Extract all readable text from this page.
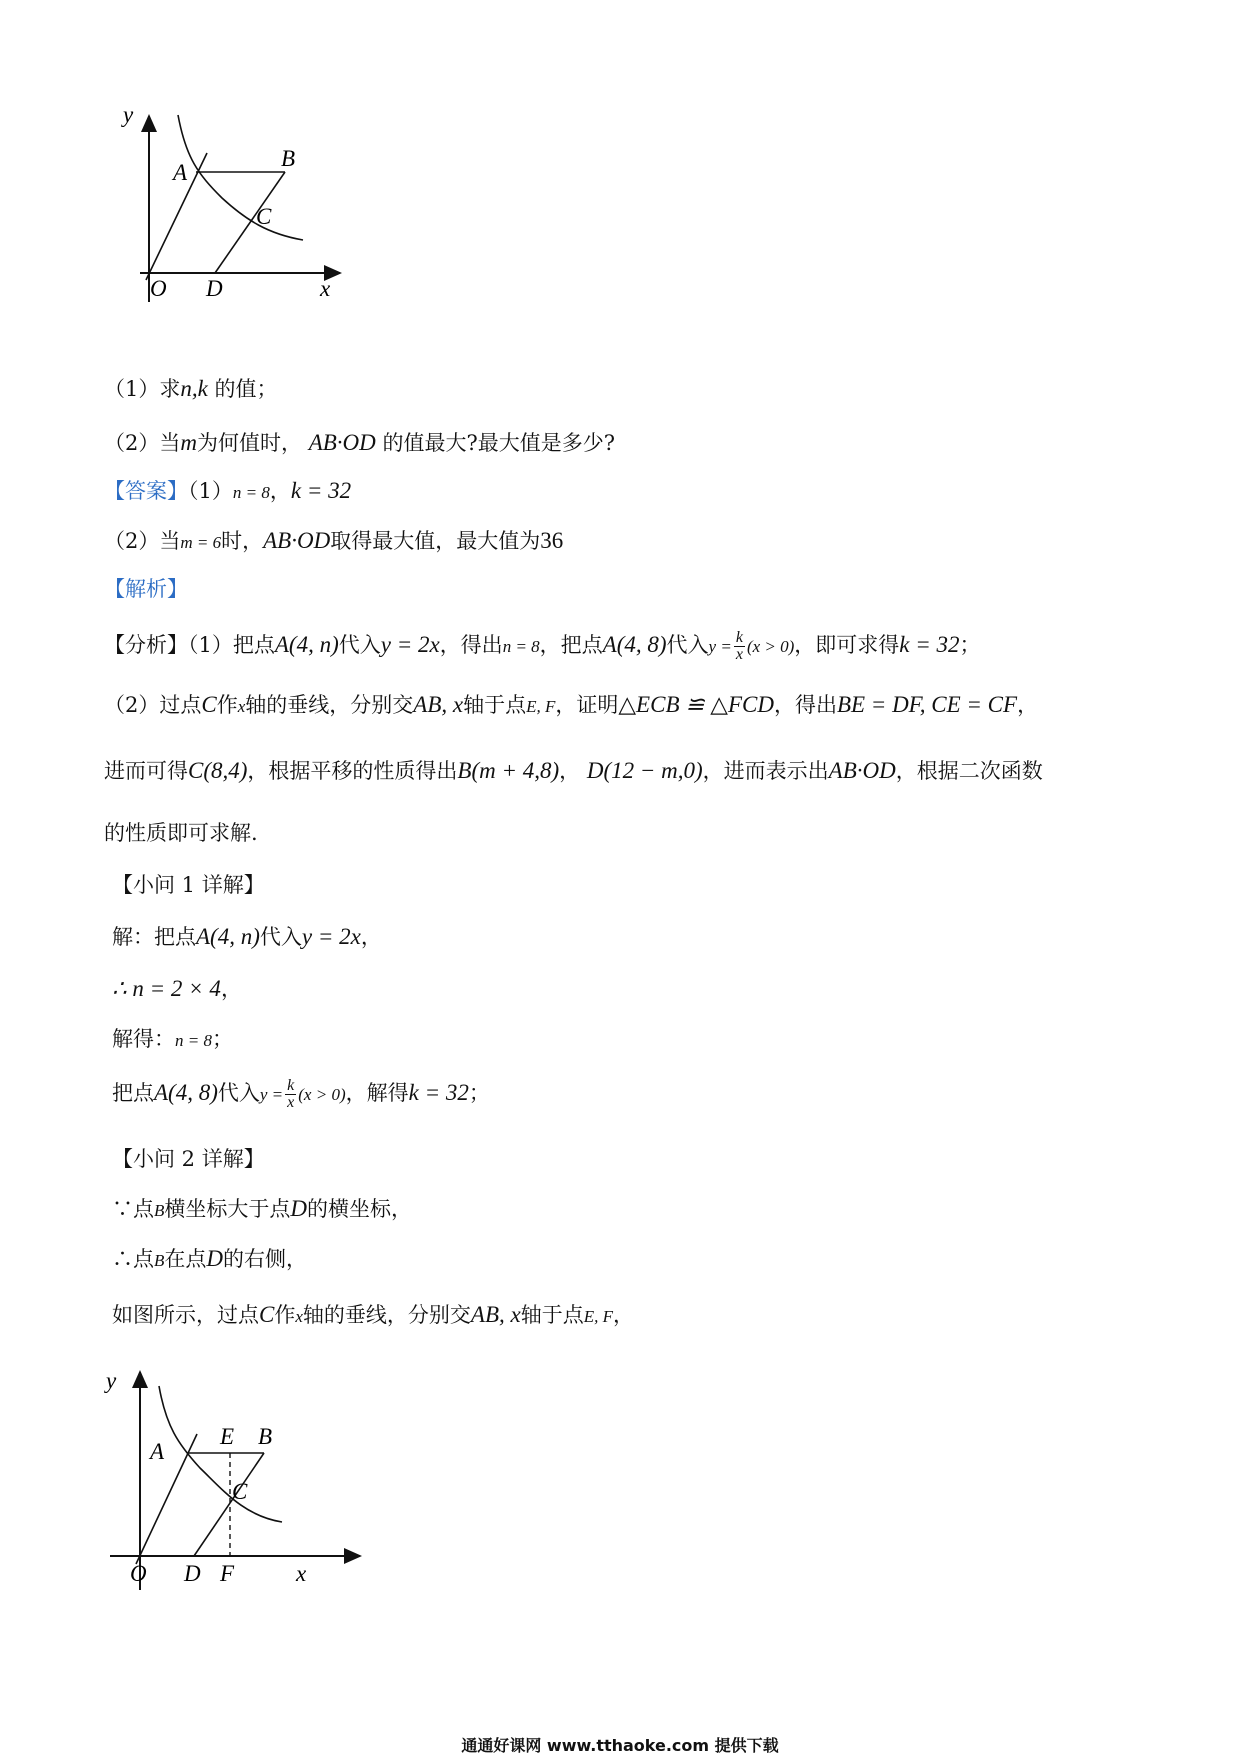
y
x
O D
A
B
C
（1）求n,k 的值；
（2）当m为何值时， AB·OD 的值最大?最大值是多少?
【答案】（1）n = 8，k = 32
（2）当m = 6时，AB·OD取得最大值，最大值为36
【解析】
【分析】（1）把点A(4, n)代入y = 2x，得出n = 8，把点A(4, 8)代入$y = \frac{k}{x} (x > 0)$，即可求得k = 32；
（2）过点C作x轴的垂线，分别交AB, x轴于点E, F，证明△ECB ≌ △FCD，得出BE = DF, CE = CF，
进而可得C(8,4)，根据平移的性质得出B(m + 4,8)， D(12 − m,0)，进而表示出AB·OD，根据二次函数
的性质即可求解.
【小问 1 详解】
解：把点A(4, n)代入y = 2x，
∴ n = 2 × 4，
解得：n = 8；
把点A(4, 8)代入$y = \frac{k}{x} (x > 0)$，解得k = 32；
【小问 2 详解】
∵点B横坐标大于点D的横坐标，
∴点B在点D的右侧，
如图所示，过点C作x轴的垂线，分别交AB, x轴于点E, F，
y
x
O D F
A
E B
C
通通好课网 www.tthaoke.com 提供下载
